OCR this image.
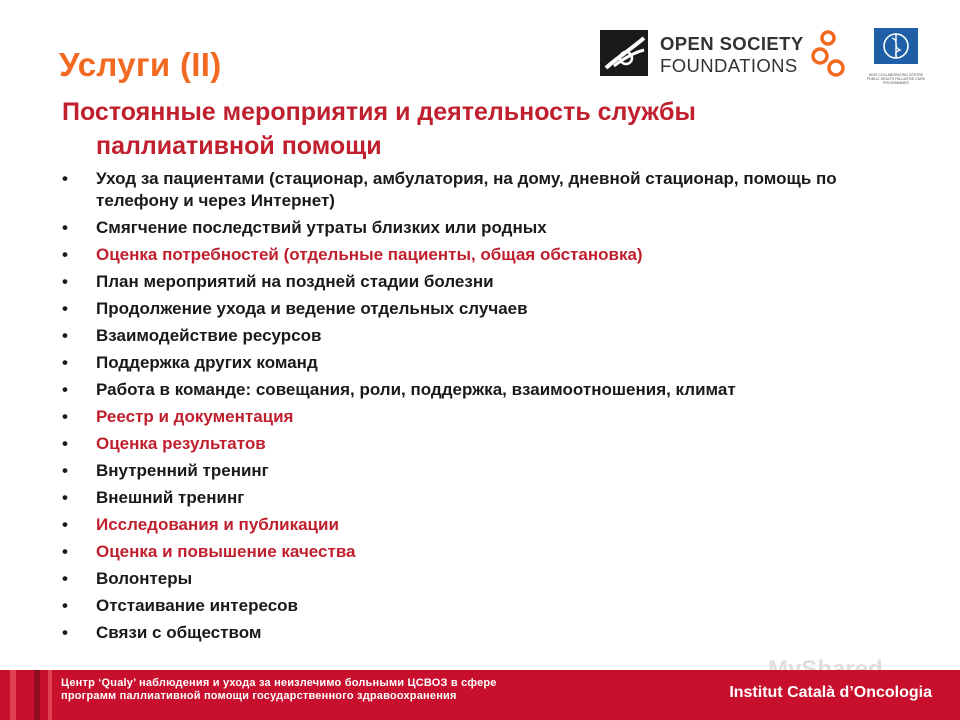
Услуги (II)
Постоянные мероприятия и деятельность службы
паллиативной помощи
OPEN SOCIETY
FOUNDATIONS	WHO COLLABORATING CENTRE PUBLIC HEALTH PALLIATIVE CARE PROGRAMMES
• Уход за пациентами (стационар, амбулатория, на дому, дневной стационар, помощь по телефону и через Интернет)
• Смягчение последствий утраты близких или родных
• Оценка потребностей (отдельные пациенты, общая обстановка)
• План мероприятий на поздней стадии болезни
• Продолжение ухода и ведение отдельных случаев
• Взаимодействие ресурсов
• Поддержка других команд
• Работа в команде: совещания, роли, поддержка, взаимоотношения, климат
• Реестр и документация
• Оценка результатов
• Внутренний тренинг
• Внешний тренинг
• Исследования и публикации
• Оценка и повышение качества
• Волонтеры
• Отстаивание интересов
• Связи с обществом
Центр ‘Qualy’ наблюдения и ухода за неизлечимо больными ЦСВОЗ в сфере программ паллиативной помощи государственного здравоохранения	Institut Català d’Oncologia
